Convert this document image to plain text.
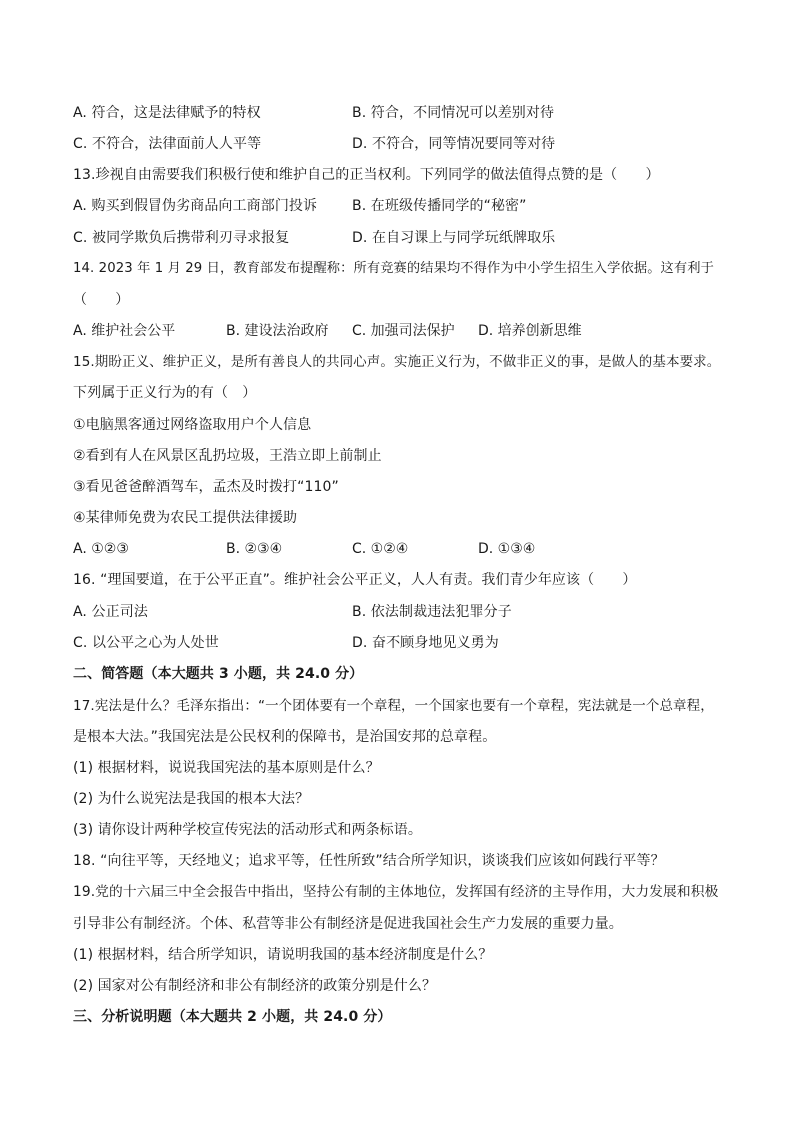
A. 符合，这是法律赋予的特权	B. 符合，不同情况可以差别对待
C. 不符合，法律面前人人平等	D. 不符合，同等情况要同等对待
13.珍视自由需要我们积极行使和维护自己的正当权利。下列同学的做法值得点赞的是（　　）
A. 购买到假冒伪劣商品向工商部门投诉 B. 在班级传播同学的“秘密”
C. 被同学欺负后携带利刃寻求报复	D. 在自习课上与同学玩纸牌取乐
14. 2023 年 1 月 29 日，教育部发布提醒称：所有竞赛的结果均不得作为中小学生招生入学依据。这有利于
（　　）
A. 维护社会公平	B. 建设法治政府 C. 加强司法保护 D. 培养创新思维
15.期盼正义、维护正义，是所有善良人的共同心声。实施正义行为，不做非正义的事，是做人的基本要求。
下列属于正义行为的有（　）
①电脑黑客通过网络盗取用户个人信息
②看到有人在风景区乱扔垃圾，王浩立即上前制止
③看见爸爸醉酒驾车，孟杰及时拨打“110”
④某律师免费为农民工提供法律援助
A. ①②③	B. ②③④	C. ①②④	D. ①③④
16. “理国要道，在于公平正直”。维护社会公平正义，人人有责。我们青少年应该（　　）
A. 公正司法	B. 依法制裁违法犯罪分子
C. 以公平之心为人处世	D. 奋不顾身地见义勇为
二、简答题（本大题共 3 小题，共 24.0 分）
17.宪法是什么？毛泽东指出：“一个团体要有一个章程，一个国家也要有一个章程，宪法就是一个总章程，
是根本大法。”我国宪法是公民权利的保障书，是治国安邦的总章程。
(1) 根据材料，说说我国宪法的基本原则是什么？
(2) 为什么说宪法是我国的根本大法？
(3) 请你设计两种学校宣传宪法的活动形式和两条标语。
18. “向往平等，天经地义；追求平等，任性所致”结合所学知识，谈谈我们应该如何践行平等？
19.党的十六届三中全会报告中指出，坚持公有制的主体地位，发挥国有经济的主导作用，大力发展和积极
引导非公有制经济。个体、私营等非公有制经济是促进我国社会生产力发展的重要力量。
(1) 根据材料，结合所学知识，请说明我国的基本经济制度是什么？
(2) 国家对公有制经济和非公有制经济的政策分别是什么？
三、分析说明题（本大题共 2 小题，共 24.0 分）
